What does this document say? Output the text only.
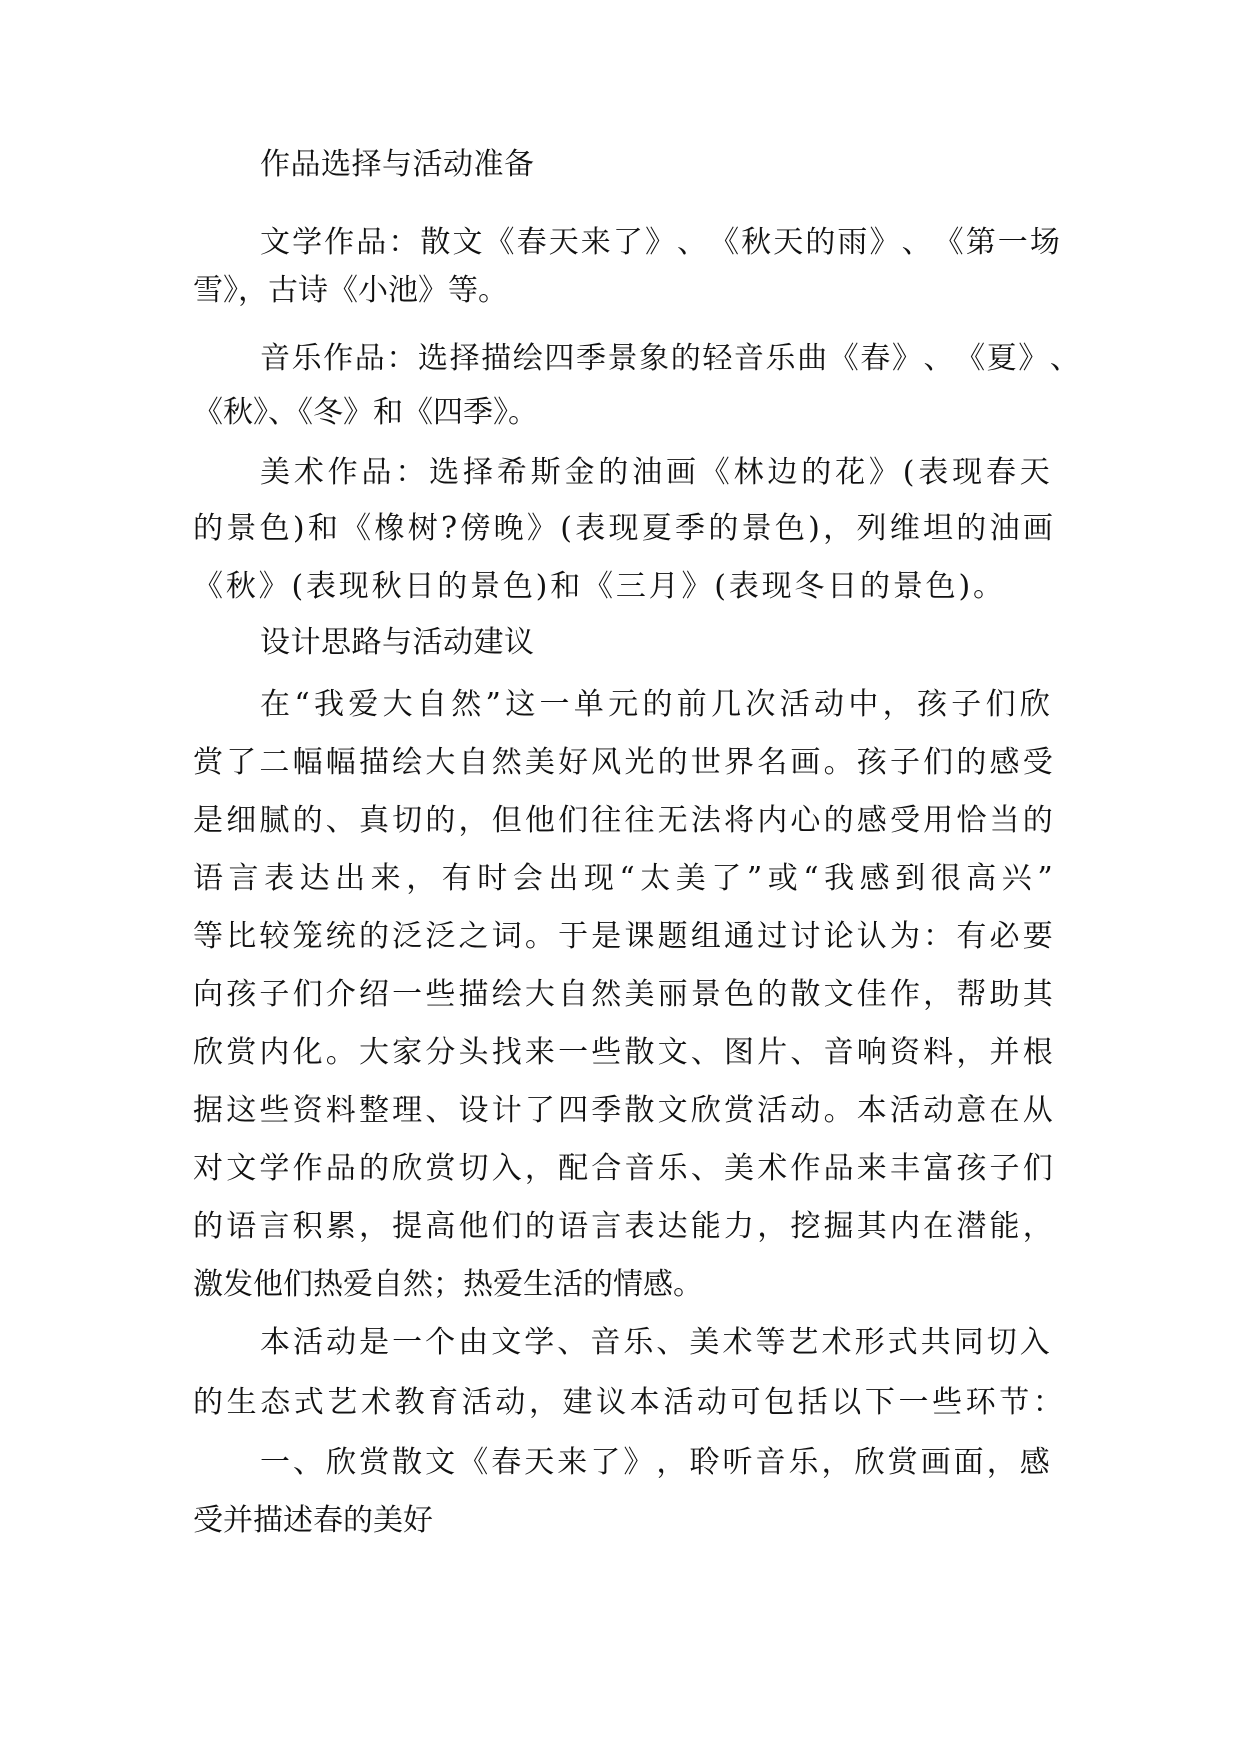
作品选择与活动准备

文 学 作 品 ： 散 文 《 春 天 来 了 》 、 《 秋 天 的 雨 》 、 《 第 一 场

雪》，古诗《小池》等。

音 乐 作 品 ： 选 择 描 绘 四 季 景 象 的 轻 音 乐 曲 《 春 》 、 《 夏 》 、

《秋》、《冬》和《四季》。

美 术 作 品 ： 选 择 希 斯 金 的 油 画 《 林 边 的 花 》 ( 表 现 春 天

的 景 色 ) 和 《 橡 树 ? 傍 晚 》 ( 表 现 夏 季 的 景 色 ) ， 列 维 坦 的 油 画

《 秋 》 ( 表 现 秋 日 的 景 色 ) 和 《 三 月 》 ( 表 现 冬 日 的 景 色 ) 。

设计思路与活动建议

在 “ 我 爱 大 自 然 ” 这 一 单 元 的 前 几 次 活 动 中 ， 孩 子 们 欣

赏 了 二 幅 幅 描 绘 大 自 然 美 好 风 光 的 世 界 名 画 。 孩 子 们 的 感 受

是 细 腻 的 、 真 切 的 ， 但 他 们 往 往 无 法 将 内 心 的 感 受 用 恰 当 的

语 言 表 达 出 来 ， 有 时 会 出 现 “ 太 美 了 ” 或 “ 我 感 到 很 高 兴 ”

等 比 较 笼 统 的 泛 泛 之 词 。 于 是 课 题 组 通 过 讨 论 认 为 ： 有 必 要

向 孩 子 们 介 绍 一 些 描 绘 大 自 然 美 丽 景 色 的 散 文 佳 作 ， 帮 助 其

欣 赏 内 化 。 大 家 分 头 找 来 一 些 散 文 、 图 片 、 音 响 资 料 ， 并 根

据 这 些 资 料 整 理 、 设 计 了 四 季 散 文 欣 赏 活 动 。 本 活 动 意 在 从

对 文 学 作 品 的 欣 赏 切 入 ， 配 合 音 乐 、 美 术 作 品 来 丰 富 孩 子 们

的 语 言 积 累 ， 提 高 他 们 的 语 言 表 达 能 力 ， 挖 掘 其 内 在 潜 能 ，

激发他们热爱自然；热爱生活的情感。

本 活 动 是 一 个 由 文 学 、 音 乐 、 美 术 等 艺 术 形 式 共 同 切 入

的 生 态 式 艺 术 教 育 活 动 ， 建 议 本 活 动 可 包 括 以 下 一 些 环 节 ：

一 、 欣 赏 散 文 《 春 天 来 了 》 ， 聆 听 音 乐 ， 欣 赏 画 面 ， 感

受并描述春的美好
